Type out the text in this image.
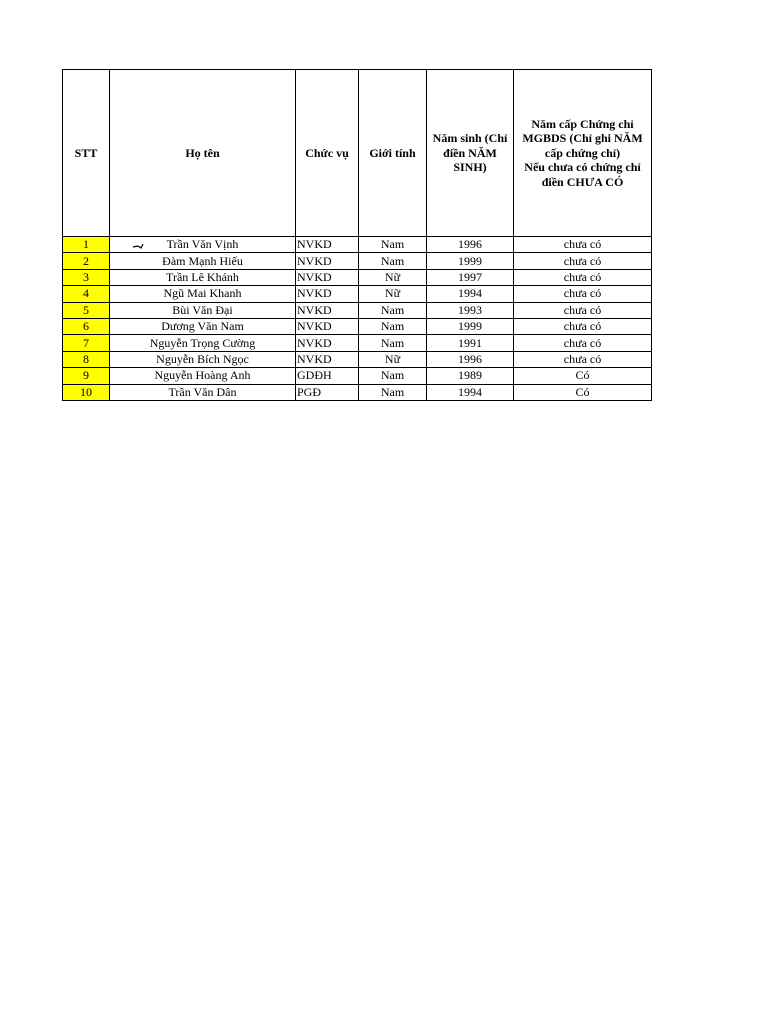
STT	Họ tên	Chức vụ	Giới tính	Năm sinh (Chỉ điền NĂM SINH)	Năm cấp Chứng chỉ
MGBDS (Chỉ ghi NĂM
cấp chứng chỉ)
Nếu chưa có chứng chỉ
điền CHƯA CÓ
1	Trần Văn Vịnh	NVKD	Nam	1996	chưa có
2	Đàm Mạnh Hiếu	NVKD	Nam	1999	chưa có
3	Trần Lê Khánh	NVKD	Nữ	1997	chưa có
4	Ngũ Mai Khanh	NVKD	Nữ	1994	chưa có
5	Bùi Văn Đại	NVKD	Nam	1993	chưa có
6	Dương Văn Nam	NVKD	Nam	1999	chưa có
7	Nguyễn Trọng Cường	NVKD	Nam	1991	chưa có
8	Nguyễn Bích Ngọc	NVKD	Nữ	1996	chưa có
9	Nguyễn Hoàng Anh	GDĐH	Nam	1989	Có
10	Trần Văn Dân	PGĐ	Nam	1994	Có
